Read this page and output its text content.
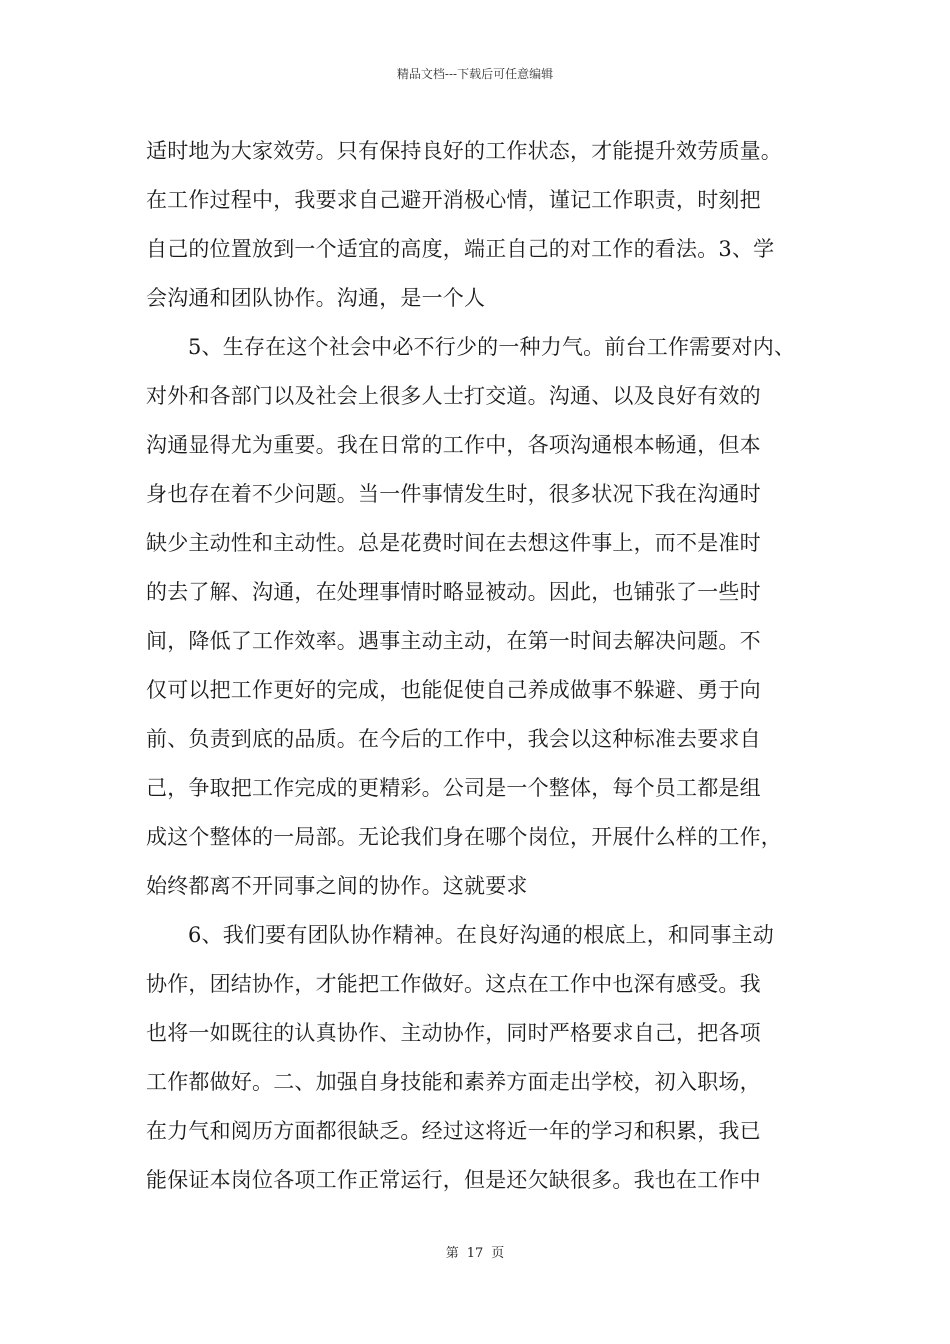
精品文档---下载后可任意编辑
适时地为大家效劳。只有保持良好的工作状态，才能提升效劳质量。
在工作过程中，我要求自己避开消极心情，谨记工作职责，时刻把
自己的位置放到一个适宜的高度，端正自己的对工作的看法。3、学
会沟通和团队协作。沟通，是一个人
5、生存在这个社会中必不行少的一种力气。前台工作需要对内、
对外和各部门以及社会上很多人士打交道。沟通、以及良好有效的
沟通显得尤为重要。我在日常的工作中，各项沟通根本畅通，但本
身也存在着不少问题。当一件事情发生时，很多状况下我在沟通时
缺少主动性和主动性。总是花费时间在去想这件事上，而不是准时
的去了解、沟通，在处理事情时略显被动。因此，也铺张了一些时
间，降低了工作效率。遇事主动主动，在第一时间去解决问题。不
仅可以把工作更好的完成，也能促使自己养成做事不躲避、勇于向
前、负责到底的品质。在今后的工作中，我会以这种标准去要求自
己，争取把工作完成的更精彩。公司是一个整体，每个员工都是组
成这个整体的一局部。无论我们身在哪个岗位，开展什么样的工作，
始终都离不开同事之间的协作。这就要求
6、我们要有团队协作精神。在良好沟通的根底上，和同事主动
协作，团结协作，才能把工作做好。这点在工作中也深有感受。我
也将一如既往的认真协作、主动协作，同时严格要求自己，把各项
工作都做好。二、加强自身技能和素养方面走出学校，初入职场，
在力气和阅历方面都很缺乏。经过这将近一年的学习和积累，我已
能保证本岗位各项工作正常运行，但是还欠缺很多。我也在工作中
第 17 页
